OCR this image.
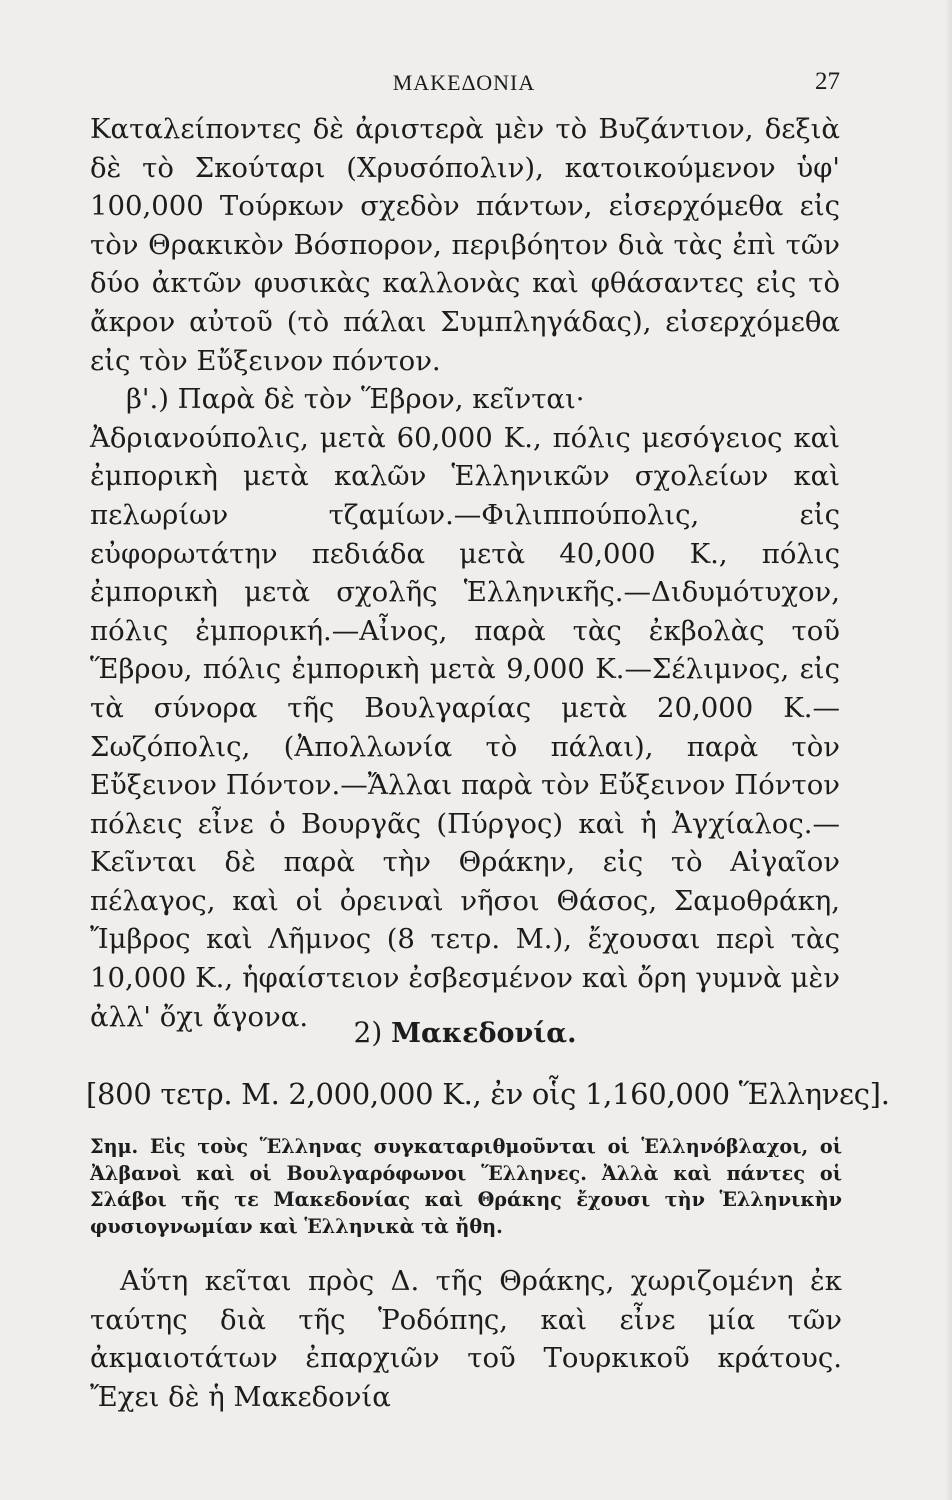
ΜΑΚΕΔΟΝΙΑ	27

Καταλείποντες δὲ ἀριστερὰ μὲν τὸ Βυζάντιον, δεξιὰ δὲ τὸ Σκούταρι (Χρυσόπολιν), κατοικούμενον ὑφ' 100,000 Τούρκων σχεδὸν πάντων, εἰσερχόμεθα εἰς τὸν Θρακικὸν Βόσπορον, περιβόητον διὰ τὰς ἐπὶ τῶν δύο ἀκτῶν φυσικὰς καλλονὰς καὶ φθάσαντες εἰς τὸ ἄκρον αὐτοῦ (τὸ πάλαι Συμπληγάδας), εἰσερχόμεθα εἰς τὸν Εὔξεινον πόντον.

β'.) Παρὰ δὲ τὸν Ἕβρον, κεῖνται·

Ἀδριανούπολις, μετὰ 60,000 Κ., πόλις μεσόγειος καὶ ἐμπορικὴ μετὰ καλῶν Ἑλληνικῶν σχολείων καὶ πελωρίων τζαμίων.—Φιλιππούπολις, εἰς εὐφορωτάτην πεδιάδα μετὰ 40,000 Κ., πόλις ἐμπορικὴ μετὰ σχολῆς Ἑλληνικῆς.—Διδυμότυχον, πόλις ἐμπορική.—Αἶνος, παρὰ τὰς ἐκβολὰς τοῦ Ἕβρου, πόλις ἐμπορικὴ μετὰ 9,000 Κ.—Σέλιμνος, εἰς τὰ σύνορα τῆς Βουλγαρίας μετὰ 20,000 Κ.—Σωζόπολις, (Ἀπολλωνία τὸ πάλαι), παρὰ τὸν Εὔξεινον Πόντον.—Ἄλλαι παρὰ τὸν Εὔξεινον Πόντον πόλεις εἶνε ὁ Βουργᾶς (Πύργος) καὶ ἡ Ἀγχίαλος.—Κεῖνται δὲ παρὰ τὴν Θράκην, εἰς τὸ Αἰγαῖον πέλαγος, καὶ οἱ ὀρειναὶ νῆσοι Θάσος, Σαμοθράκη, Ἴμβρος καὶ Λῆμνος (8 τετρ. Μ.), ἔχουσαι περὶ τὰς 10,000 Κ., ἡφαίστειον ἐσβεσμένον καὶ ὄρη γυμνὰ μὲν ἀλλ' ὄχι ἄγονα.	2) Μακεδονία.
[800 τετρ. Μ. 2,000,000 Κ., ἐν οἷς 1,160,000 Ἕλληνες].

Σημ. Εἰς τοὺς Ἕλληνας συγκαταριθμοῦνται οἱ Ἑλληνόβλαχοι, οἱ Ἀλβανοὶ καὶ οἱ Βουλγαρόφωνοι Ἕλληνες. Ἀλλὰ καὶ πάντες οἱ Σλάβοι τῆς τε Μακεδονίας καὶ Θράκης ἔχουσι τὴν Ἑλληνικὴν φυσιογνωμίαν καὶ Ἑλληνικὰ τὰ ἤθη.

Αὕτη κεῖται πρὸς Δ. τῆς Θράκης, χωριζομένη ἐκ ταύτης διὰ τῆς Ῥοδόπης, καὶ εἶνε μία τῶν ἀκμαιοτάτων ἐπαρχιῶν τοῦ Τουρκικοῦ κράτους. Ἔχει δὲ ἡ Μακεδονία
